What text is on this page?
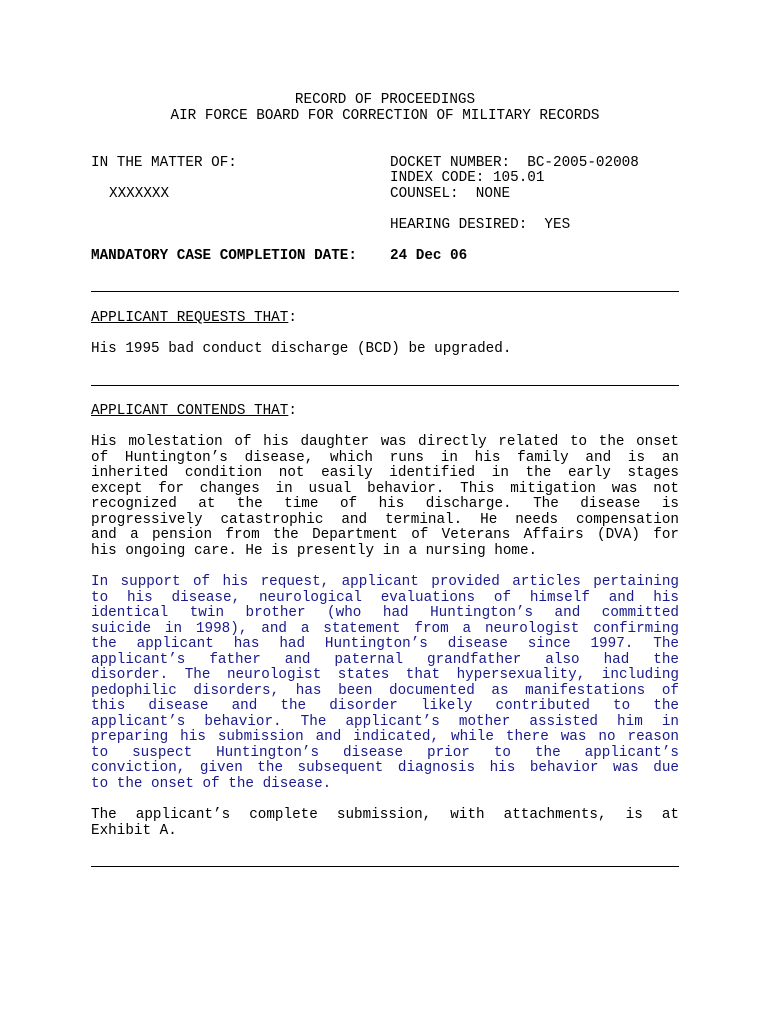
RECORD OF PROCEEDINGS
AIR FORCE BOARD FOR CORRECTION OF MILITARY RECORDS
IN THE MATTER OF:
XXXXXXX
DOCKET NUMBER:  BC-2005-02008
INDEX CODE: 105.01
COUNSEL:  NONE
HEARING DESIRED:  YES
MANDATORY CASE COMPLETION DATE: 24 Dec 06
APPLICANT REQUESTS THAT:
His 1995 bad conduct discharge (BCD) be upgraded.
APPLICANT CONTENDS THAT:
His molestation of his daughter was directly related to the onset
of Huntington’s disease, which runs in his family and is an
inherited condition not easily identified in the early stages
except for changes in usual behavior. This mitigation was not
recognized at the time of his discharge. The disease is
progressively catastrophic and terminal. He needs compensation
and a pension from the Department of Veterans Affairs (DVA) for
his ongoing care. He is presently in a nursing home.
In support of his request, applicant provided articles pertaining
to his disease, neurological evaluations of himself and his
identical twin brother (who had Huntington’s and committed
suicide in 1998), and a statement from a neurologist confirming
the applicant has had Huntington’s disease since 1997. The
applicant’s father and paternal grandfather also had the
disorder. The neurologist states that hypersexuality, including
pedophilic disorders, has been documented as manifestations of
this disease and the disorder likely contributed to the
applicant’s behavior. The applicant’s mother assisted him in
preparing his submission and indicated, while there was no reason
to suspect Huntington’s disease prior to the applicant’s
conviction, given the subsequent diagnosis his behavior was due
to the onset of the disease.
The applicant’s complete submission, with attachments, is at
Exhibit A.
